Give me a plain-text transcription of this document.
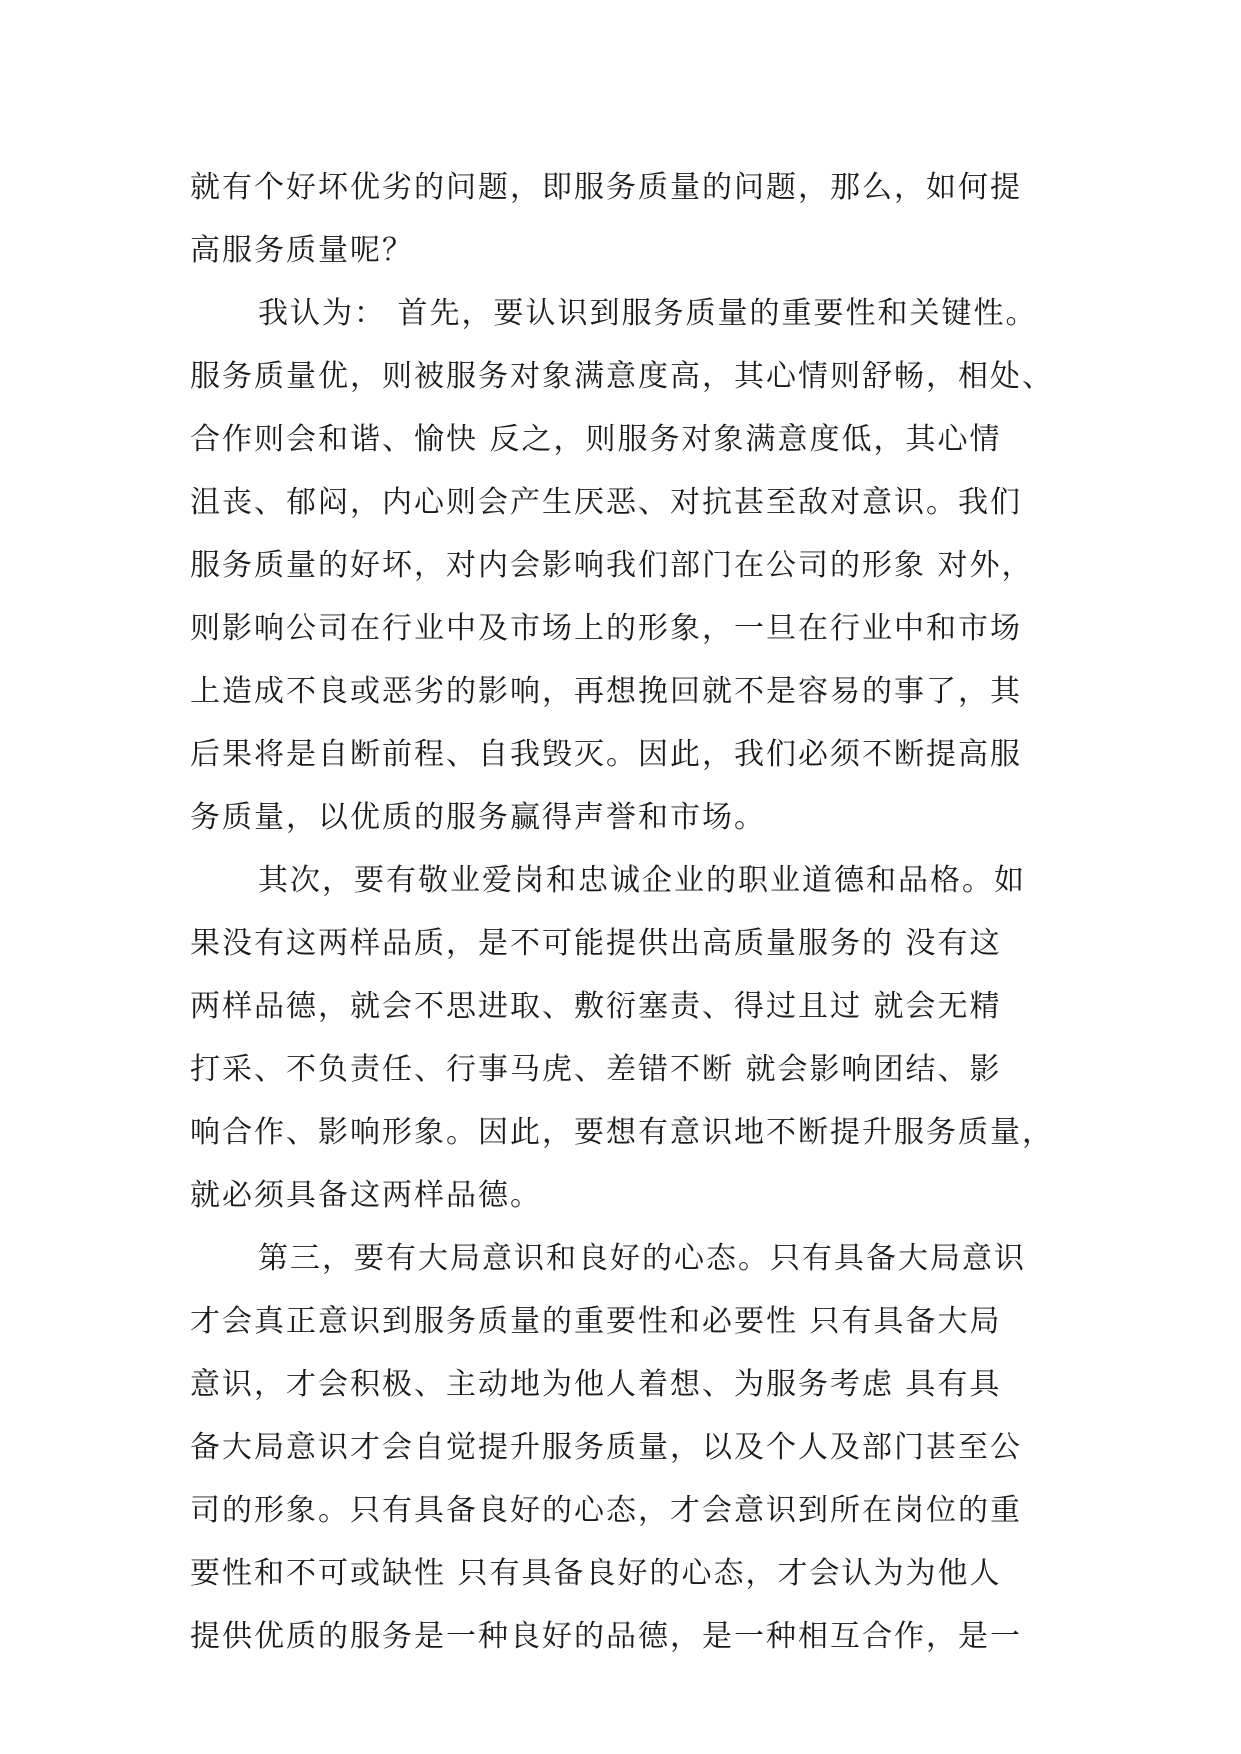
就有个好坏优劣的问题，即服务质量的问题，那么，如何提
高服务质量呢？
我认为： 首先，要认识到服务质量的重要性和关键性。
服务质量优，则被服务对象满意度高，其心情则舒畅，相处、
合作则会和谐、愉快 反之，则服务对象满意度低，其心情
沮丧、郁闷，内心则会产生厌恶、对抗甚至敌对意识。我们
服务质量的好坏，对内会影响我们部门在公司的形象 对外，
则影响公司在行业中及市场上的形象，一旦在行业中和市场
上造成不良或恶劣的影响，再想挽回就不是容易的事了，其
后果将是自断前程、自我毁灭。因此，我们必须不断提高服
务质量，以优质的服务赢得声誉和市场。
其次，要有敬业爱岗和忠诚企业的职业道德和品格。如
果没有这两样品质，是不可能提供出高质量服务的 没有这
两样品德，就会不思进取、敷衍塞责、得过且过 就会无精
打采、不负责任、行事马虎、差错不断 就会影响团结、影
响合作、影响形象。因此，要想有意识地不断提升服务质量，
就必须具备这两样品德。
第三，要有大局意识和良好的心态。只有具备大局意识
才会真正意识到服务质量的重要性和必要性 只有具备大局
意识，才会积极、主动地为他人着想、为服务考虑 具有具
备大局意识才会自觉提升服务质量，以及个人及部门甚至公
司的形象。只有具备良好的心态，才会意识到所在岗位的重
要性和不可或缺性 只有具备良好的心态，才会认为为他人
提供优质的服务是一种良好的品德，是一种相互合作，是一
